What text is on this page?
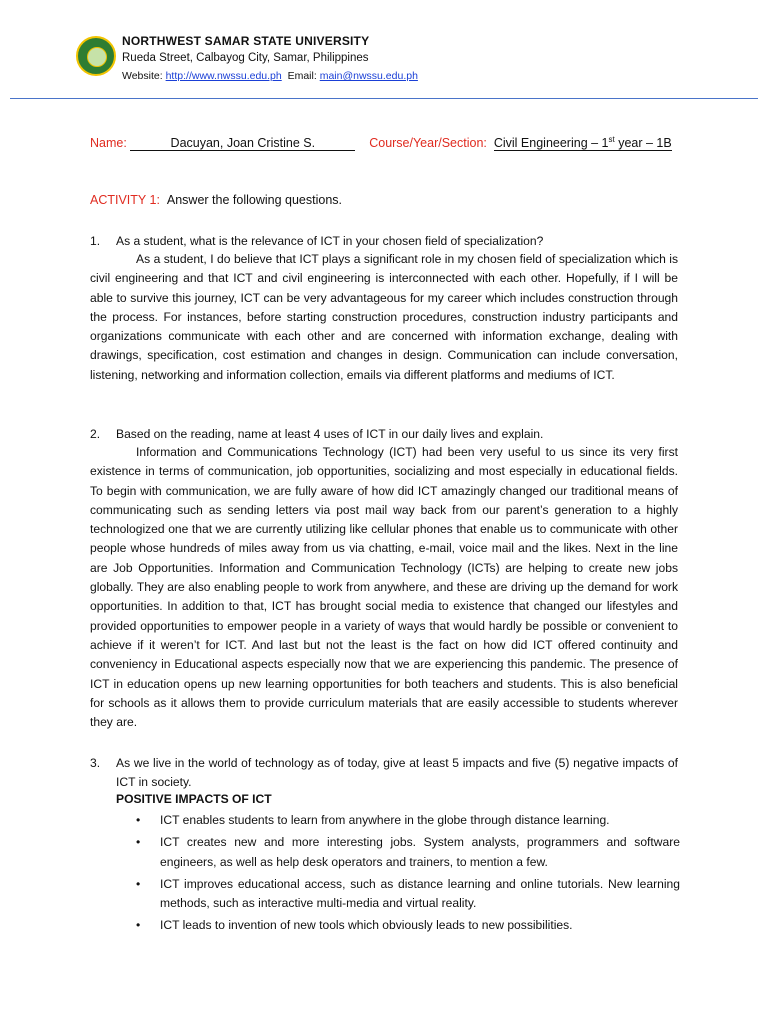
NORTHWEST SAMAR STATE UNIVERSITY
Rueda Street, Calbayog City, Samar, Philippines
Website: http://www.nwssu.edu.ph Email: main@nwssu.edu.ph
Name:	Dacuyan, Joan Cristine S.	Course/Year/Section: Civil Engineering – 1st year – 1B
ACTIVITY 1: Answer the following questions.
1. As a student, what is the relevance of ICT in your chosen field of specialization?

As a student, I do believe that ICT plays a significant role in my chosen field of specialization which is civil engineering and that ICT and civil engineering is interconnected with each other. Hopefully, if I will be able to survive this journey, ICT can be very advantageous for my career which includes construction through the process. For instances, before starting construction procedures, construction industry participants and organizations communicate with each other and are concerned with information exchange, dealing with drawings, specification, cost estimation and changes in design. Communication can include conversation, listening, networking and information collection, emails via different platforms and mediums of ICT.

2. Based on the reading, name at least 4 uses of ICT in our daily lives and explain.

Information and Communications Technology (ICT) had been very useful to us since its very first existence in terms of communication, job opportunities, socializing and most especially in educational fields. To begin with communication, we are fully aware of how did ICT amazingly changed our traditional means of communicating such as sending letters via post mail way back from our parent’s generation to a highly technologized one that we are currently utilizing like cellular phones that enable us to communicate with other people whose hundreds of miles away from us via chatting, e-mail, voice mail and the likes. Next in the line are Job Opportunities. Information and Communication Technology (ICTs) are helping to create new jobs globally. They are also enabling people to work from anywhere, and these are driving up the demand for work opportunities. In addition to that, ICT has brought social media to existence that changed our lifestyles and provided opportunities to empower people in a variety of ways that would hardly be possible or convenient to achieve if it weren’t for ICT. And last but not the least is the fact on how did ICT offered continuity and conveniency in Educational aspects especially now that we are experiencing this pandemic. The presence of ICT in education opens up new learning opportunities for both teachers and students. This is also beneficial for schools as it allows them to provide curriculum materials that are easily accessible to students wherever they are.

3. As we live in the world of technology as of today, give at least 5 impacts and five (5) negative impacts of ICT in society.

POSITIVE IMPACTS OF ICT
• ICT enables students to learn from anywhere in the globe through distance learning.
• ICT creates new and more interesting jobs. System analysts, programmers and software engineers, as well as help desk operators and trainers, to mention a few.
• ICT improves educational access, such as distance learning and online tutorials. New learning methods, such as interactive multi-media and virtual reality.
• ICT leads to invention of new tools which obviously leads to new possibilities.
